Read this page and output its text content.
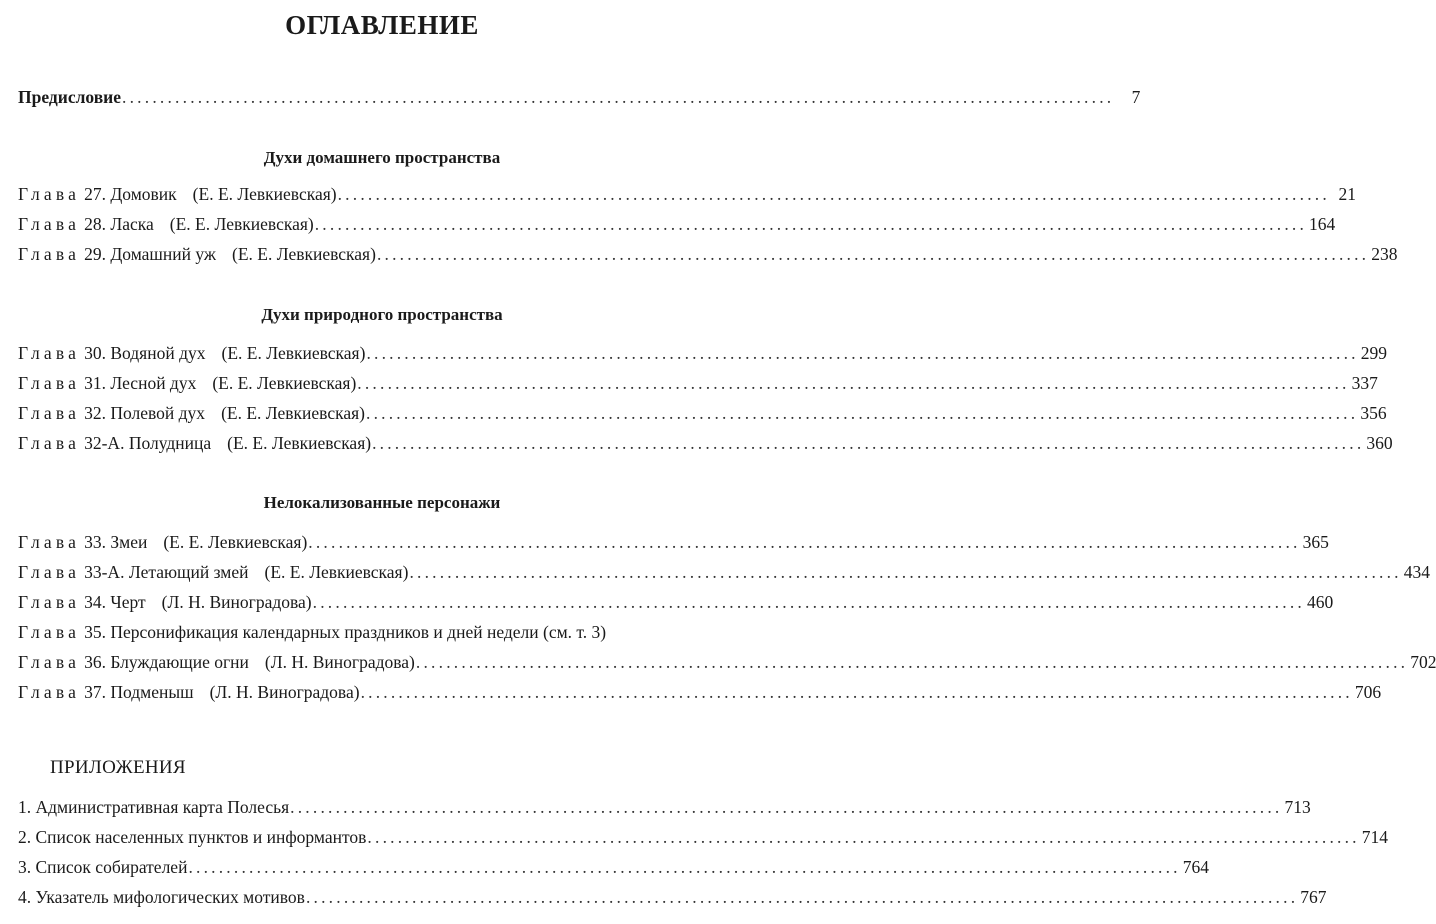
ОГЛАВЛЕНИЕ
Предисловие ................................................................................................................................... 7
Духи домашнего пространства
Глава 27.
Домовик (Е. Е. Левкиевская) ................................................................................................................................... 21
Глава 28.
Ласка (Е. Е. Левкиевская) ................................................................................................................................... 164
Глава 29.
Домашний уж (Е. Е. Левкиевская) ................................................................................................................................... 238
Духи природного пространства
Глава 30.
Водяной дух (Е. Е. Левкиевская) ................................................................................................................................... 299
Глава 31.
Лесной дух (Е. Е. Левкиевская) ................................................................................................................................... 337
Глава 32.
Полевой дух (Е. Е. Левкиевская) ................................................................................................................................... 356
Глава 32-А.
Полудница (Е. Е. Левкиевская) ................................................................................................................................... 360
Нелокализованные персонажи
Глава 33.
Змеи (Е. Е. Левкиевская) ................................................................................................................................... 365
Глава 33-А.
Летающий змей (Е. Е. Левкиевская) ................................................................................................................................... 434
Глава 34.
Черт (Л. Н. Виноградова) ................................................................................................................................... 460
Глава 35.
Персонификация календарных праздников и дней недели (см. т. 3)
Глава 36.
Блуждающие огни (Л. Н. Виноградова) ................................................................................................................................... 702
Глава 37.
Подменыш (Л. Н. Виноградова) ................................................................................................................................... 706
ПРИЛОЖЕНИЯ
1. Административная карта Полесья ................................................................................................................................... 713
2. Список населенных пунктов и информантов ................................................................................................................................... 714
3. Список собирателей ................................................................................................................................... 764
4. Указатель мифологических мотивов ................................................................................................................................... 767
